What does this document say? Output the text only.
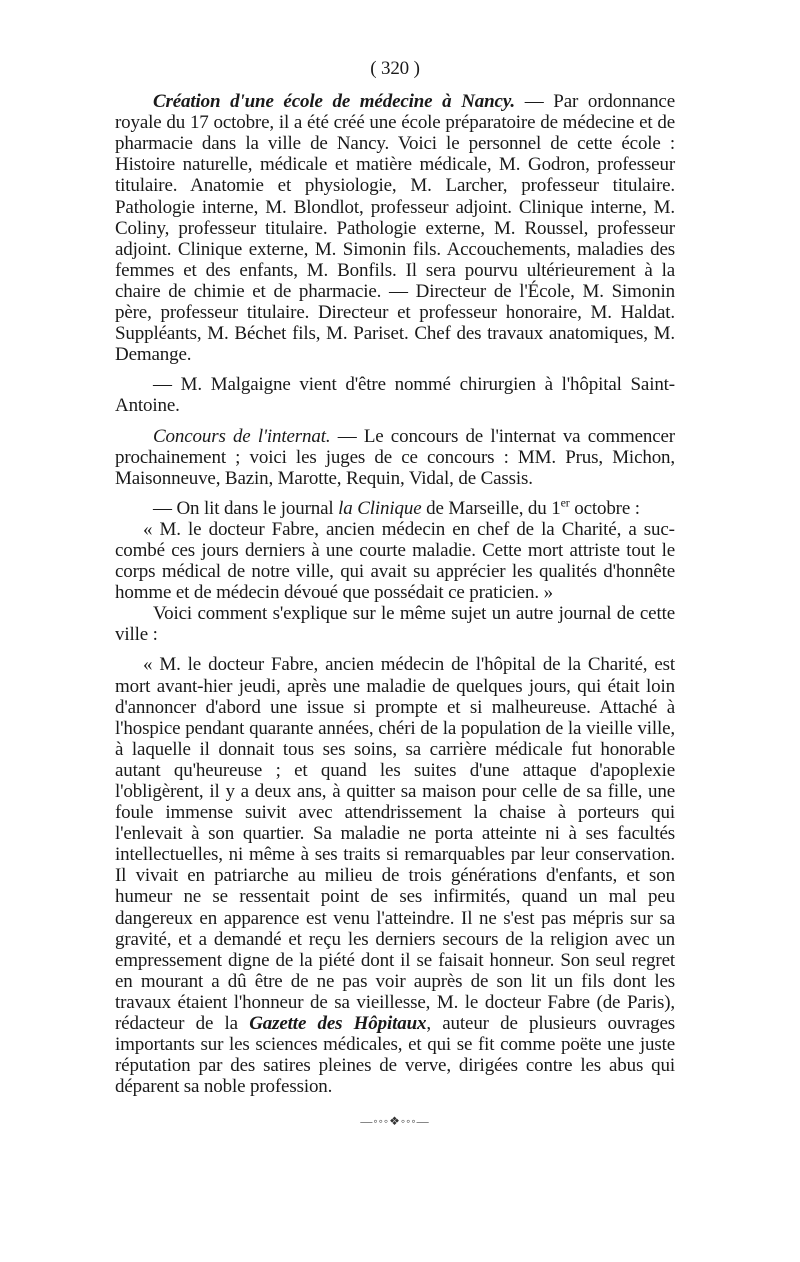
( 320 )

Création d'une école de médecine à Nancy. — Par ordonnance royale du 17 octobre, il a été créé une école préparatoire de médecine et de pharmacie dans la ville de Nancy. Voici le personnel de cette école : Histoire naturelle, médicale et matière médicale, M. Godron, professeur titulaire. Anatomie et physiologie, M. Larcher, professeur titulaire. Pathologie interne, M. Blondlot, professeur adjoint. Clinique interne, M. Coliny, professeur titulaire. Pathologie externe, M. Roussel, professeur adjoint. Clinique externe, M. Simonin fils. Accouchements, maladies des femmes et des enfants, M. Bonfils. Il sera pourvu ultérieurement à la chaire de chimie et de pharmacie. — Directeur de l'École, M. Simonin père, professeur titulaire. Directeur et professeur honoraire, M. Haldat. Suppléants, M. Béchet fils, M. Pariset. Chef des travaux anatomiques, M. Demange.

— M. Malgaigne vient d'être nommé chirurgien à l'hôpital Saint-Antoine.

Concours de l'internat. — Le concours de l'internat va commencer prochainement ; voici les juges de ce concours : MM. Prus, Michon, Maisonneuve, Bazin, Marotte, Requin, Vidal, de Cassis.

— On lit dans le journal la Clinique de Marseille, du 1er octobre :

« M. le docteur Fabre, ancien médecin en chef de la Charité, a succombé ces jours derniers à une courte maladie. Cette mort attriste tout le corps médical de notre ville, qui avait su apprécier les qualités d'honnête homme et de médecin dévoué que possédait ce praticien. »

Voici comment s'explique sur le même sujet un autre journal de cette ville :

« M. le docteur Fabre, ancien médecin de l'hôpital de la Charité, est mort avant-hier jeudi, après une maladie de quelques jours, qui était loin d'annoncer d'abord une issue si prompte et si malheureuse. Attaché à l'hospice pendant quarante années, chéri de la population de la vieille ville, à laquelle il donnait tous ses soins, sa carrière médicale fut honorable autant qu'heureuse ; et quand les suites d'une attaque d'apoplexie l'obligèrent, il y a deux ans, à quitter sa maison pour celle de sa fille, une foule immense suivit avec attendrissement la chaise à porteurs qui l'enlevait à son quartier. Sa maladie ne porta atteinte ni à ses facultés intellectuelles, ni même à ses traits si remarquables par leur conservation. Il vivait en patriarche au milieu de trois générations d'enfants, et son humeur ne se ressentait point de ses infirmités, quand un mal peu dangereux en apparence est venu l'atteindre. Il ne s'est pas mépris sur sa gravité, et a demandé et reçu les derniers secours de la religion avec un empressement digne de la piété dont il se faisait honneur. Son seul regret en mourant a dû être de ne pas voir auprès de son lit un fils dont les travaux étaient l'honneur de sa vieillesse, M. le docteur Fabre (de Paris), rédacteur de la Gazette des Hôpitaux, auteur de plusieurs ouvrages importants sur les sciences médicales, et qui se fit comme poëte une juste réputation par des satires pleines de verve, dirigées contre les abus qui déparent sa noble profession.

—◦◦◦❖◦◦◦—
